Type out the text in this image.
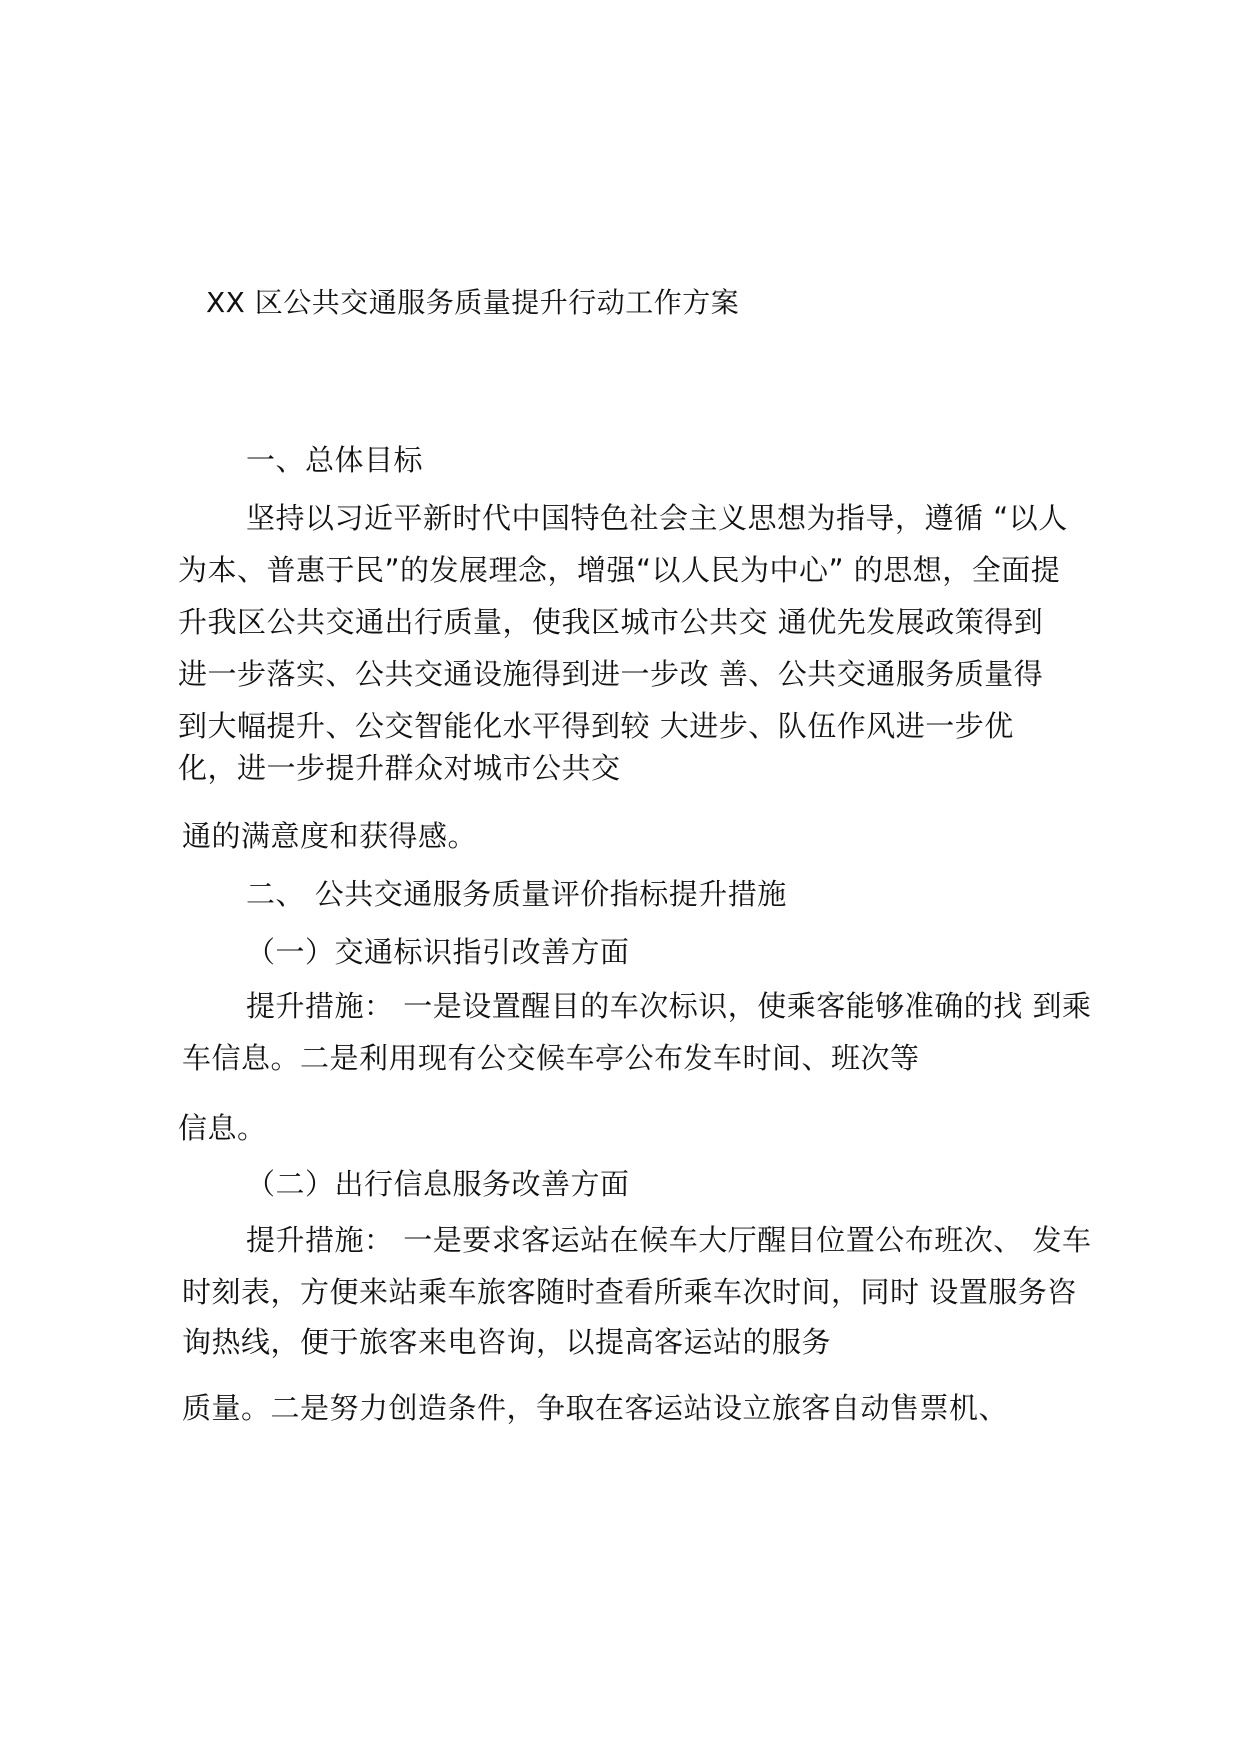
XX 区公共交通服务质量提升行动工作方案
一、总体目标
坚持以习近平新时代中国特色社会主义思想为指导，遵循 “以人
为本、普惠于民”的发展理念，增强“以人民为中心” 的思想，全面提
升我区公共交通出行质量，使我区城市公共交 通优先发展政策得到
进一步落实、公共交通设施得到进一步改 善、公共交通服务质量得
到大幅提升、公交智能化水平得到较 大进步、队伍作风进一步优
化，进一步提升群众对城市公共交
通的满意度和获得感。
二、 公共交通服务质量评价指标提升措施
（一）交通标识指引改善方面
提升措施： 一是设置醒目的车次标识，使乘客能够准确的找 到乘
车信息。二是利用现有公交候车亭公布发车时间、班次等
信息。
（二）出行信息服务改善方面
提升措施： 一是要求客运站在候车大厅醒目位置公布班次、 发车
时刻表，方便来站乘车旅客随时查看所乘车次时间，同时 设置服务咨
询热线，便于旅客来电咨询，以提高客运站的服务
质量。二是努力创造条件，争取在客运站设立旅客自动售票机、
